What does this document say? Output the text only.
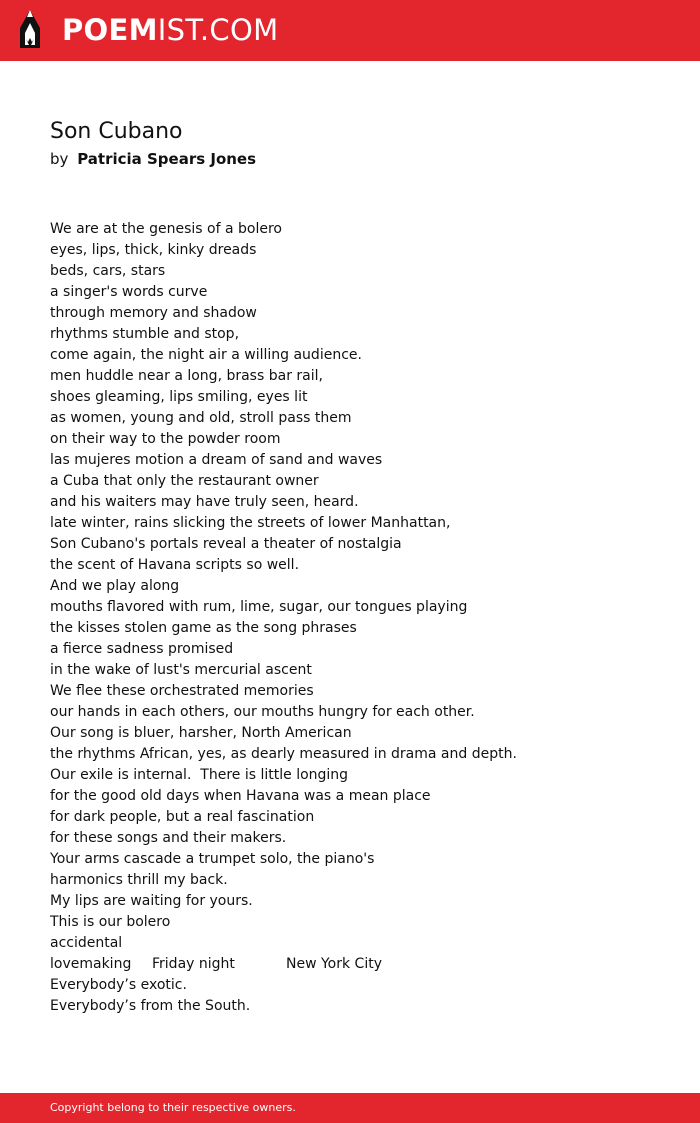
POEMIST.COM
Son Cubano
by Patricia Spears Jones
We are at the genesis of a bolero
eyes, lips, thick, kinky dreads
beds, cars, stars
a singer's words curve
through memory and shadow
rhythms stumble and stop,
come again, the night air a willing audience.
men huddle near a long, brass bar rail,
shoes gleaming, lips smiling, eyes lit
as women, young and old, stroll pass them
on their way to the powder room
las mujeres motion a dream of sand and waves
a Cuba that only the restaurant owner
and his waiters may have truly seen, heard.
late winter, rains slicking the streets of lower Manhattan,
Son Cubano's portals reveal a theater of nostalgia
the scent of Havana scripts so well.
And we play along
mouths flavored with rum, lime, sugar, our tongues playing
the kisses stolen game as the song phrases
a fierce sadness promised
in the wake of lust's mercurial ascent
We flee these orchestrated memories
our hands in each others, our mouths hungry for each other.
Our song is bluer, harsher, North American
the rhythms African, yes, as dearly measured in drama and depth.
Our exile is internal.  There is little longing
for the good old days when Havana was a mean place
for dark people, but a real fascination
for these songs and their makers.
Your arms cascade a trumpet solo, the piano's
harmonics thrill my back.
My lips are waiting for yours.
This is our bolero
accidental
lovemaking Friday night	New York City
Everybody’s exotic.
Everybody’s from the South.
Copyright belong to their respective owners.
